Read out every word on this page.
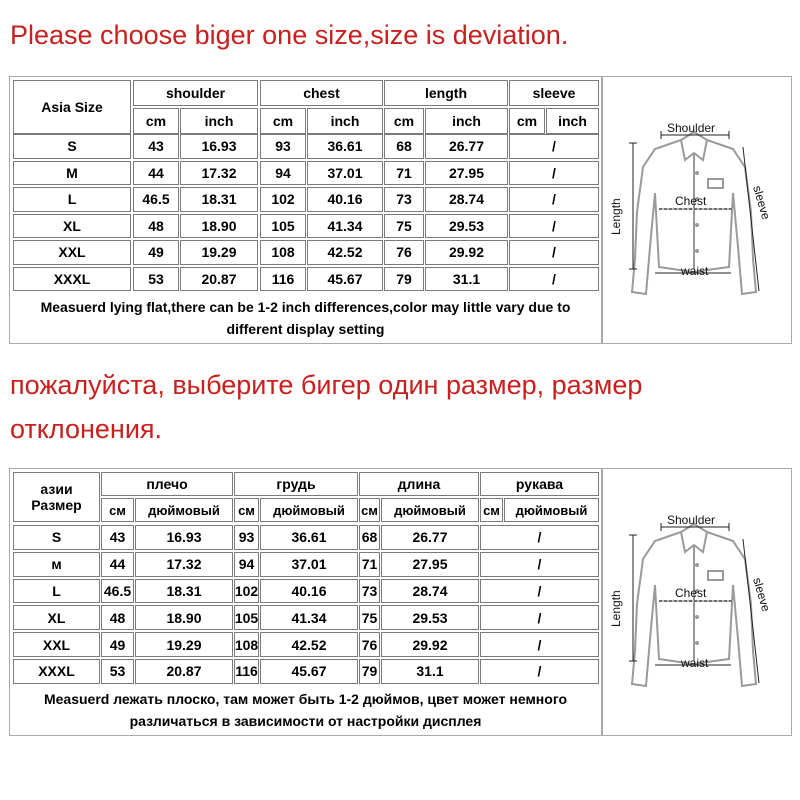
Please choose biger one size,size is deviation.
Asia Size
shoulder	chest	length	sleeve
cm	inch	cm	inch	cm	inch	cm	inch
S	43	16.93	93	36.61	68	26.77	/
M	44	17.32	94	37.01	71	27.95	/
L	46.5	18.31	102	40.16	73	28.74	/
XL	48	18.90	105	41.34	75	29.53	/
XXL	49	19.29	108	42.52	76	29.92	/
XXXL	53	20.87	116	45.67	79	31.1	/
Measuerd lying flat,there can be 1-2 inch differences,color may little vary due to different display setting
Shoulder
Chest
waist
Length	sleeve
пожалуйста, выберите бигер один размер, размер
отклонения.
азии
Размер
плечо	грудь	длина	рукава
см	дюймовый	см	дюймовый	см	дюймовый	см	дюймовый
S	43	16.93	93	36.61	68	26.77	/
м	44	17.32	94	37.01	71	27.95	/
L	46.5	18.31	102	40.16	73	28.74	/
XL	48	18.90	105	41.34	75	29.53	/
XXL	49	19.29	108	42.52	76	29.92	/
XXXL	53	20.87	116	45.67	79	31.1	/
Measuerd лежать плоско, там может быть 1-2 дюймов, цвет может немного различаться в зависимости от настройки дисплея
Shoulder
Chest
waist
Length	sleeve
